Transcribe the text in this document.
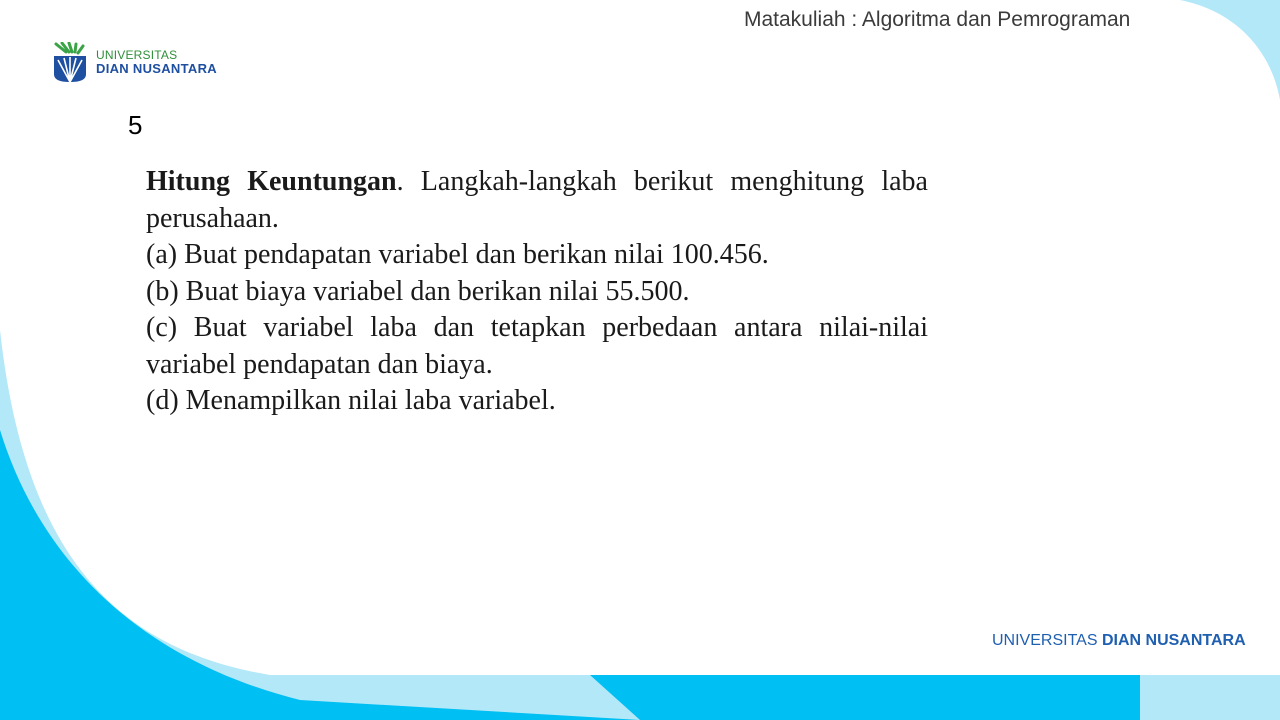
Matakuliah : Algoritma dan Pemrograman
UNIVERSITAS
DIAN NUSANTARA
5

Hitung Keuntungan. Langkah-langkah berikut menghitung laba perusahaan.

(a) Buat pendapatan variabel dan berikan nilai 100.456.

(b) Buat biaya variabel dan berikan nilai 55.500.

(c) Buat variabel laba dan tetapkan perbedaan antara nilai-nilai variabel pendapatan dan biaya.

(d) Menampilkan nilai laba variabel.

UNIVERSITAS DIAN NUSANTARA
